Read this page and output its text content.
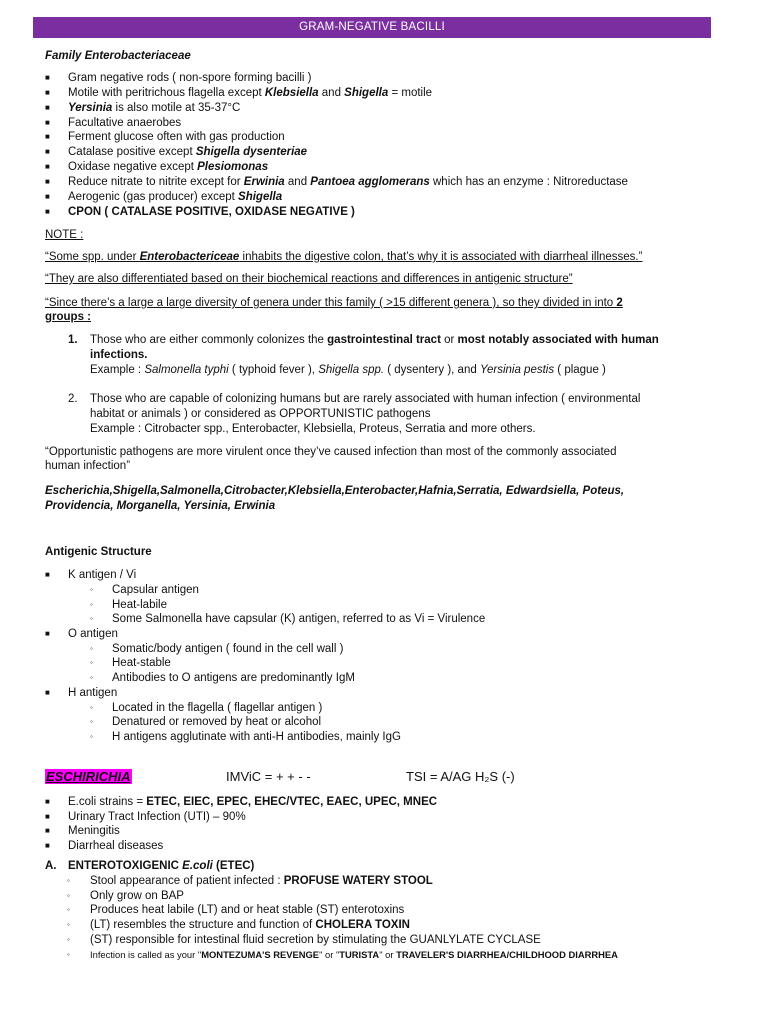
GRAM-NEGATIVE BACILLI
Family Enterobacteriaceae
■ Gram negative rods ( non-spore forming bacilli )
■ Motile with peritrichous flagella except Klebsiella and Shigella = motile
■ Yersinia is also motile at 35-37°C
■ Facultative anaerobes
■ Ferment glucose often with gas production
■ Catalase positive except Shigella dysenteriae
■ Oxidase negative except Plesiomonas
■ Reduce nitrate to nitrite except for Erwinia and Pantoea agglomerans which has an enzyme : Nitroreductase
■ Aerogenic (gas producer) except Shigella
■ CPON ( CATALASE POSITIVE, OXIDASE NEGATIVE )
NOTE :
“Some spp. under Enterobactericeae inhabits the digestive colon, that’s why it is associated with diarrheal illnesses.”
“They are also differentiated based on their biochemical reactions and differences in antigenic structure”
“Since there’s a large a large diversity of genera under this family ( >15 different genera ), so they divided in into 2
groups :
1. Those who are either commonly colonizes the gastrointestinal tract or most notably associated with human
infections.
Example : Salmonella typhi ( typhoid fever ), Shigella spp. ( dysentery ), and Yersinia pestis ( plague )
2. Those who are capable of colonizing humans but are rarely associated with human infection ( environmental
habitat or animals ) or considered as OPPORTUNISTIC pathogens
Example : Citrobacter spp., Enterobacter, Klebsiella, Proteus, Serratia and more others.
“Opportunistic pathogens are more virulent once they’ve caused infection than most of the commonly associated
human infection”
Escherichia,Shigella,Salmonella,Citrobacter,Klebsiella,Enterobacter,Hafnia,Serratia, Edwardsiella, Poteus,
Providencia, Morganella, Yersinia, Erwinia
Antigenic Structure
■ K antigen / Vi
◦ Capsular antigen
◦ Heat-labile
◦ Some Salmonella have capsular (K) antigen, referred to as Vi = Virulence
■ O antigen
◦ Somatic/body antigen ( found in the cell wall )
◦ Heat-stable
◦ Antibodies to O antigens are predominantly IgM
■ H antigen
◦ Located in the flagella ( flagellar antigen )
◦ Denatured or removed by heat or alcohol
◦ H antigens agglutinate with anti-H antibodies, mainly IgG
ESCHIRICHIA	IMViC = + + - -	TSI = A/AG H₂S (-)
■ E.coli strains = ETEC, EIEC, EPEC, EHEC/VTEC, EAEC, UPEC, MNEC
■ Urinary Tract Infection (UTI) – 90%
■ Meningitis
■ Diarrheal diseases
A. ENTEROTOXIGENIC E.coli (ETEC)
◦ Stool appearance of patient infected : PROFUSE WATERY STOOL
◦ Only grow on BAP
◦ Produces heat labile (LT) and or heat stable (ST) enterotoxins
◦ (LT) resembles the structure and function of CHOLERA TOXIN
◦ (ST) responsible for intestinal fluid secretion by stimulating the GUANLYLATE CYCLASE
◦ Infection is called as your "MONTEZUMA'S REVENGE" or "TURISTA" or TRAVELER'S DIARRHEA/CHILDHOOD DIARRHEA
